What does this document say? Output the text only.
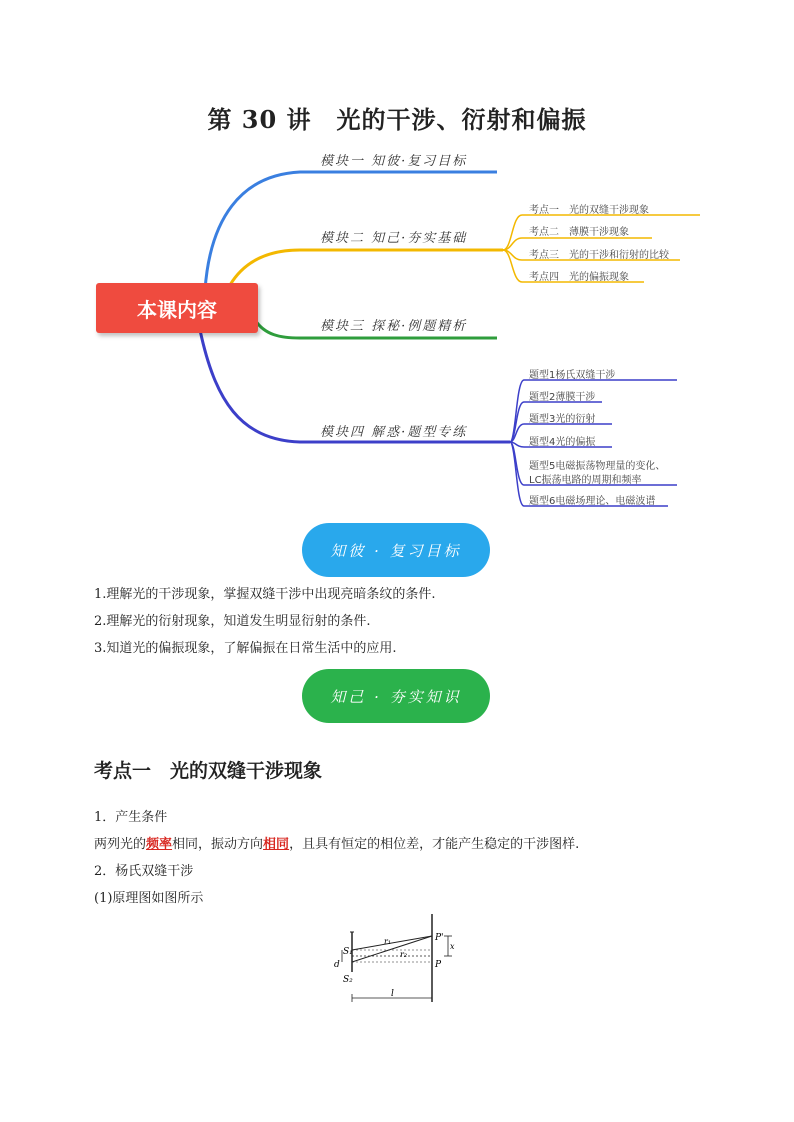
第 30 讲　光的干涉、衍射和偏振
本课内容
模块一 知彼·复习目标
模块二 知己·夯实基础
模块三 探秘·例题精析
模块四 解惑·题型专练
考点一　光的双缝干涉现象
考点二　薄膜干涉现象
考点三　光的干涉和衍射的比较
考点四　光的偏振现象
题型1杨氏双缝干涉
题型2薄膜干涉
题型3光的衍射
题型4光的偏振
题型5电磁振荡物理量的变化、
LC振荡电路的周期和频率
题型6电磁场理论、电磁波谱
知彼 · 复习目标
1.理解光的干涉现象，掌握双缝干涉中出现亮暗条纹的条件.
2.理解光的衍射现象，知道发生明显衍射的条件.
3.知道光的偏振现象，了解偏振在日常生活中的应用.
知己 · 夯实知识
考点一　光的双缝干涉现象
1．产生条件
两列光的频率相同，振动方向相同，且具有恒定的相位差，才能产生稳定的干涉图样.
2．杨氏双缝干涉
(1)原理图如图所示
S₁
S₂
d
r₁
r₂
P'
P
x
l
